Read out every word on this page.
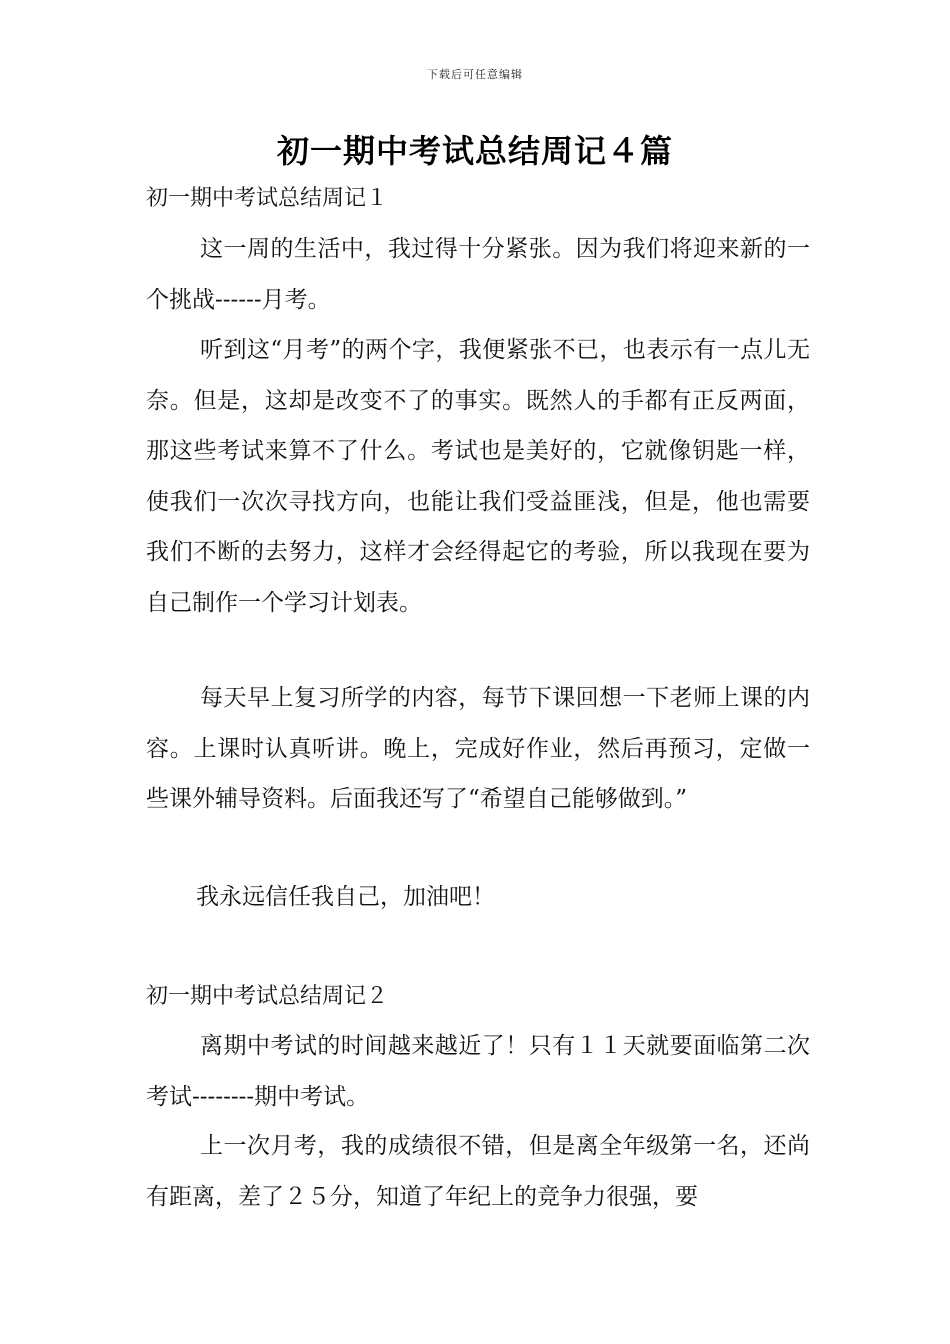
下载后可任意编辑
初一期中考试总结周记４篇
初一期中考试总结周记１
这一周的生活中，我过得十分紧张。因为我们将迎来新的一个挑战------月考。
听到这“月考”的两个字，我便紧张不已，也表示有一点儿无奈。但是，这却是改变不了的事实。既然人的手都有正反两面，那这些考试来算不了什么。考试也是美好的，它就像钥匙一样，使我们一次次寻找方向，也能让我们受益匪浅，但是，他也需要我们不断的去努力，这样才会经得起它的考验，所以我现在要为自己制作一个学习计划表。
每天早上复习所学的内容，每节下课回想一下老师上课的内容。上课时认真听讲。晚上，完成好作业，然后再预习，定做一些课外辅导资料。后面我还写了“希望自己能够做到。”
我永远信任我自己，加油吧！
初一期中考试总结周记２
离期中考试的时间越来越近了！只有１１天就要面临第二次考试--------期中考试。
上一次月考，我的成绩很不错，但是离全年级第一名，还尚有距离，差了２５分，知道了年纪上的竞争力很强，要
